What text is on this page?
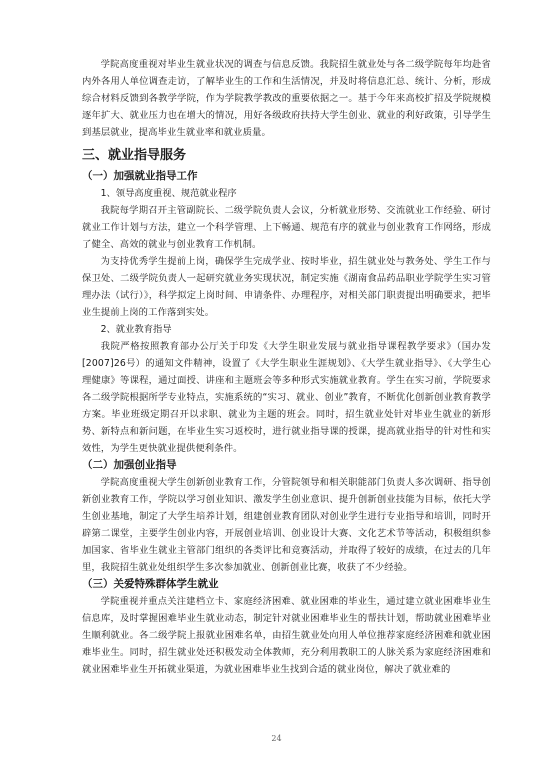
学院高度重视对毕业生就业状况的调查与信息反馈。我院招生就业处与各二级学院每年均赴省内外各用人单位调查走访，了解毕业生的工作和生活情况，并及时将信息汇总、统计、分析，形成综合材料反馈到各教学学院，作为学院教学教改的重要依据之一。基于今年来高校扩招及学院规模逐年扩大、就业压力也在增大的情况，用好各级政府扶持大学生创业、就业的利好政策，引导学生到基层就业，提高毕业生就业率和就业质量。

三、就业指导服务
（一）加强就业指导工作

1、领导高度重视、规范就业程序

我院每学期召开主管副院长、二级学院负责人会议，分析就业形势、交流就业工作经验、研讨就业工作计划与方法，建立一个科学管理、上下畅通、规范有序的就业与创业教育工作网络，形成了健全、高效的就业与创业教育工作机制。

为支持优秀学生提前上岗，确保学生完成学业、按时毕业，招生就业处与教务处、学生工作与保卫处、二级学院负责人一起研究就业务实现状况，制定实施《湖南食品药品职业学院学生实习管理办法（试行）》，科学拟定上岗时间、申请条件、办理程序，对相关部门职责提出明确要求，把毕业生提前上岗的工作落到实处。

2、就业教育指导

我院严格按照教育部办公厅关于印发《大学生职业发展与就业指导课程教学要求》（国办发[2007]26号）的通知文件精神，设置了《大学生职业生涯规划》、《大学生就业指导》、《大学生心理健康》等课程，通过面授、讲座和主题班会等多种形式实施就业教育。学生在实习前，学院要求各二级学院根据所学专业特点，实施系统的“实习、就业、创业”教育，不断优化创新创业教育教学方案。毕业班级定期召开以求职、就业为主题的班会。同时，招生就业处针对毕业生就业的新形势、新特点和新问题，在毕业生实习返校时，进行就业指导课的授课，提高就业指导的针对性和实效性，为学生更快就业提供便利条件。

（二）加强创业指导

学院高度重视大学生创新创业教育工作，分管院领导和相关职能部门负责人多次调研、指导创新创业教育工作，学院以学习创业知识、激发学生创业意识、提升创新创业技能为目标，依托大学生创业基地，制定了大学生培养计划，组建创业教育团队对创业学生进行专业指导和培训，同时开辟第二课堂，主要学生创业内容，开展创业培训、创业设计大赛、文化艺术节等活动，积极组织参加国家、省毕业生就业主管部门组织的各类评比和竞赛活动，并取得了较好的成绩，在过去的几年里，我院招生就业处组织学生多次参加就业、创新创业比赛，收获了不少经验。

（三）关爱特殊群体学生就业

学院重视并重点关注建档立卡、家庭经济困难、就业困难的毕业生，通过建立就业困难毕业生信息库，及时掌握困难毕业生就业动态，制定针对就业困难毕业生的帮扶计划，帮助就业困难毕业生顺利就业。各二级学院上报就业困难名单，由招生就业处向用人单位推荐家庭经济困难和就业困难毕业生。同时，招生就业处还积极发动全体教师，充分利用教职工的人脉关系为家庭经济困难和就业困难毕业生开拓就业渠道，为就业困难毕业生找到合适的就业岗位，解决了就业难的

24
